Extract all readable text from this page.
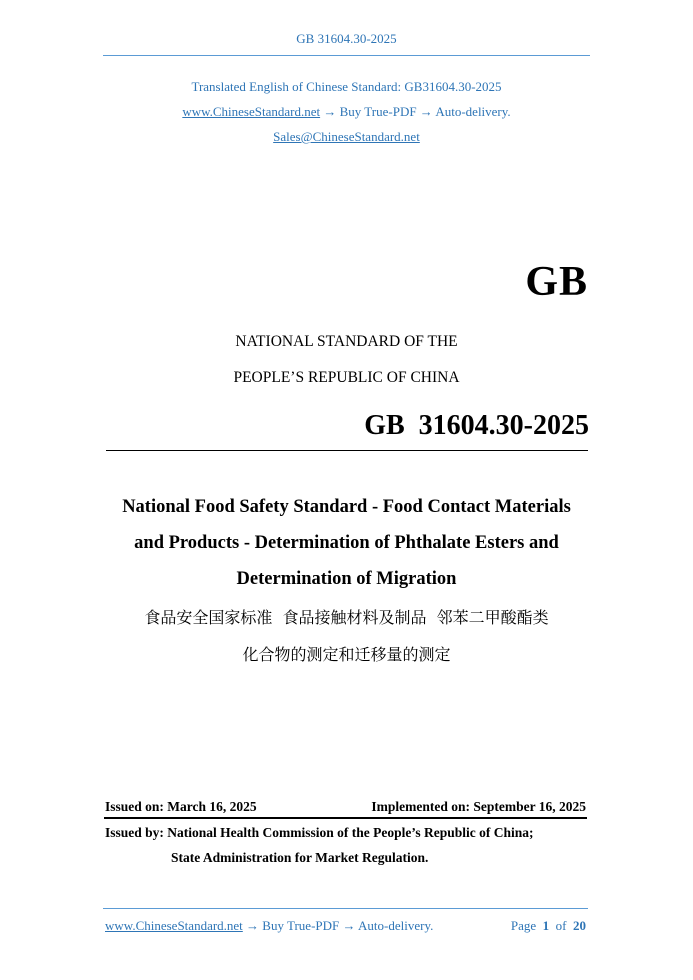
GB 31604.30-2025
Translated English of Chinese Standard: GB31604.30-2025
www.ChineseStandard.net → Buy True-PDF → Auto-delivery.
Sales@ChineseStandard.net
GB
NATIONAL STANDARD OF THE
PEOPLE’S REPUBLIC OF CHINA
GB  31604.30-2025
National Food Safety Standard - Food Contact Materials
and Products - Determination of Phthalate Esters and
Determination of Migration
食品安全国家标准  食品接触材料及制品  邻苯二甲酸酯类
化合物的测定和迁移量的测定
Issued on: March 16, 2025	Implemented on: September 16, 2025
Issued by: National Health Commission of the People’s Republic of China;
State Administration for Market Regulation.
www.ChineseStandard.net → Buy True-PDF → Auto-delivery.	Page 1 of 20
